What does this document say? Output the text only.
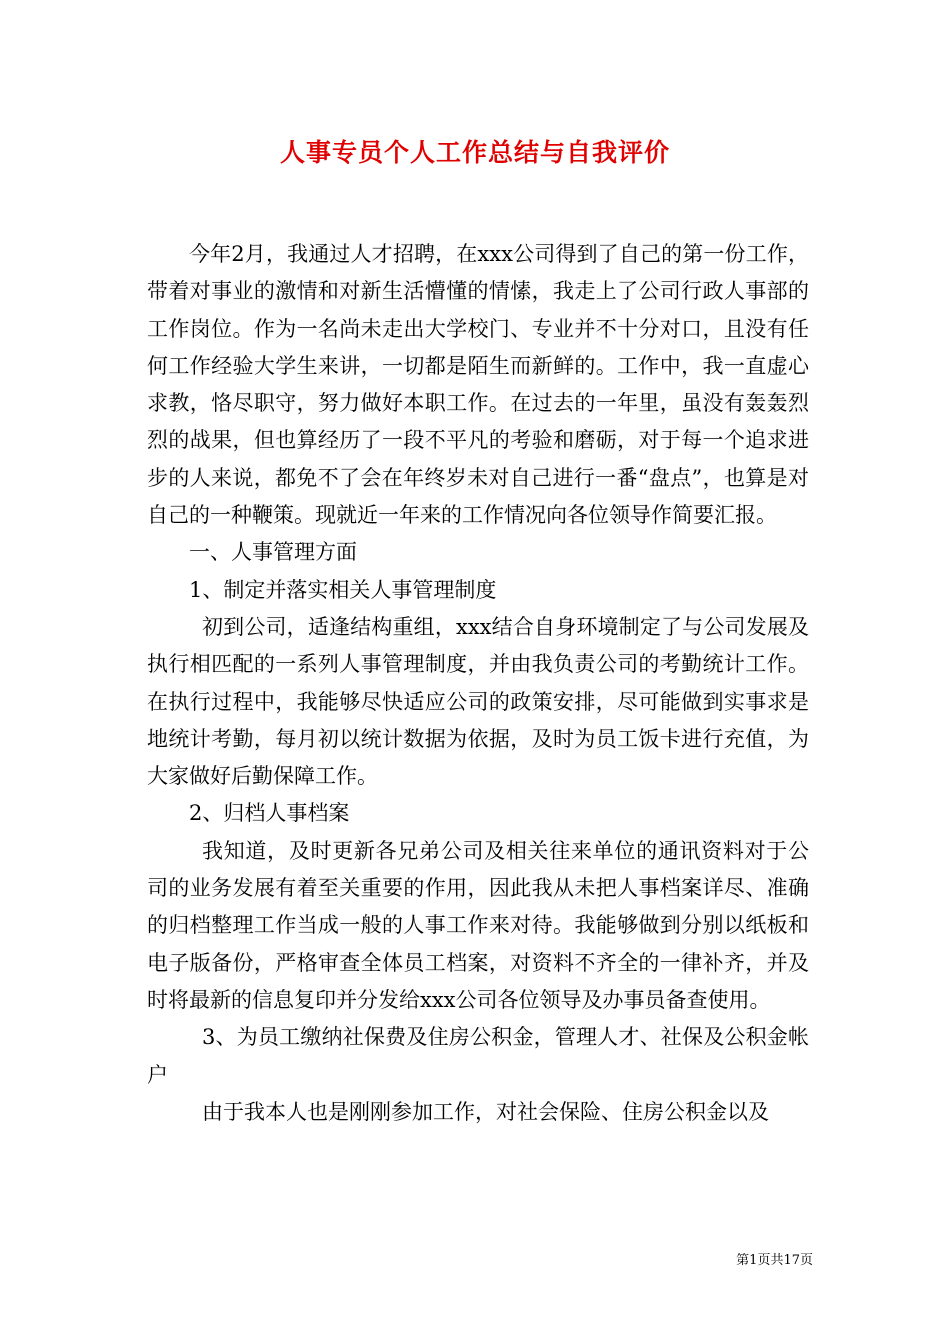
人事专员个人工作总结与自我评价

今年2月，我通过人才招聘，在xxx公司得到了自己的第一份工作，带着对事业的激情和对新生活懵懂的情愫，我走上了公司行政人事部的工作岗位。作为一名尚未走出大学校门、专业并不十分对口，且没有任何工作经验大学生来讲，一切都是陌生而新鲜的。工作中，我一直虚心求教，恪尽职守，努力做好本职工作。在过去的一年里，虽没有轰轰烈烈的战果，但也算经历了一段不平凡的考验和磨砺，对于每一个追求进步的人来说，都免不了会在年终岁未对自己进行一番“盘点”，也算是对自己的一种鞭策。现就近一年来的工作情况向各位领导作简要汇报。

一、人事管理方面

1、制定并落实相关人事管理制度

初到公司，适逢结构重组，xxx结合自身环境制定了与公司发展及执行相匹配的一系列人事管理制度，并由我负责公司的考勤统计工作。在执行过程中，我能够尽快适应公司的政策安排，尽可能做到实事求是地统计考勤，每月初以统计数据为依据，及时为员工饭卡进行充值，为大家做好后勤保障工作。

2、归档人事档案

我知道，及时更新各兄弟公司及相关往来单位的通讯资料对于公司的业务发展有着至关重要的作用，因此我从未把人事档案详尽、准确的归档整理工作当成一般的人事工作来对待。我能够做到分别以纸板和电子版备份，严格审查全体员工档案，对资料不齐全的一律补齐，并及时将最新的信息复印并分发给xxx公司各位领导及办事员备查使用。

3、为员工缴纳社保费及住房公积金，管理人才、社保及公积金帐户

由于我本人也是刚刚参加工作，对社会保险、住房公积金以及

第1页共17页
